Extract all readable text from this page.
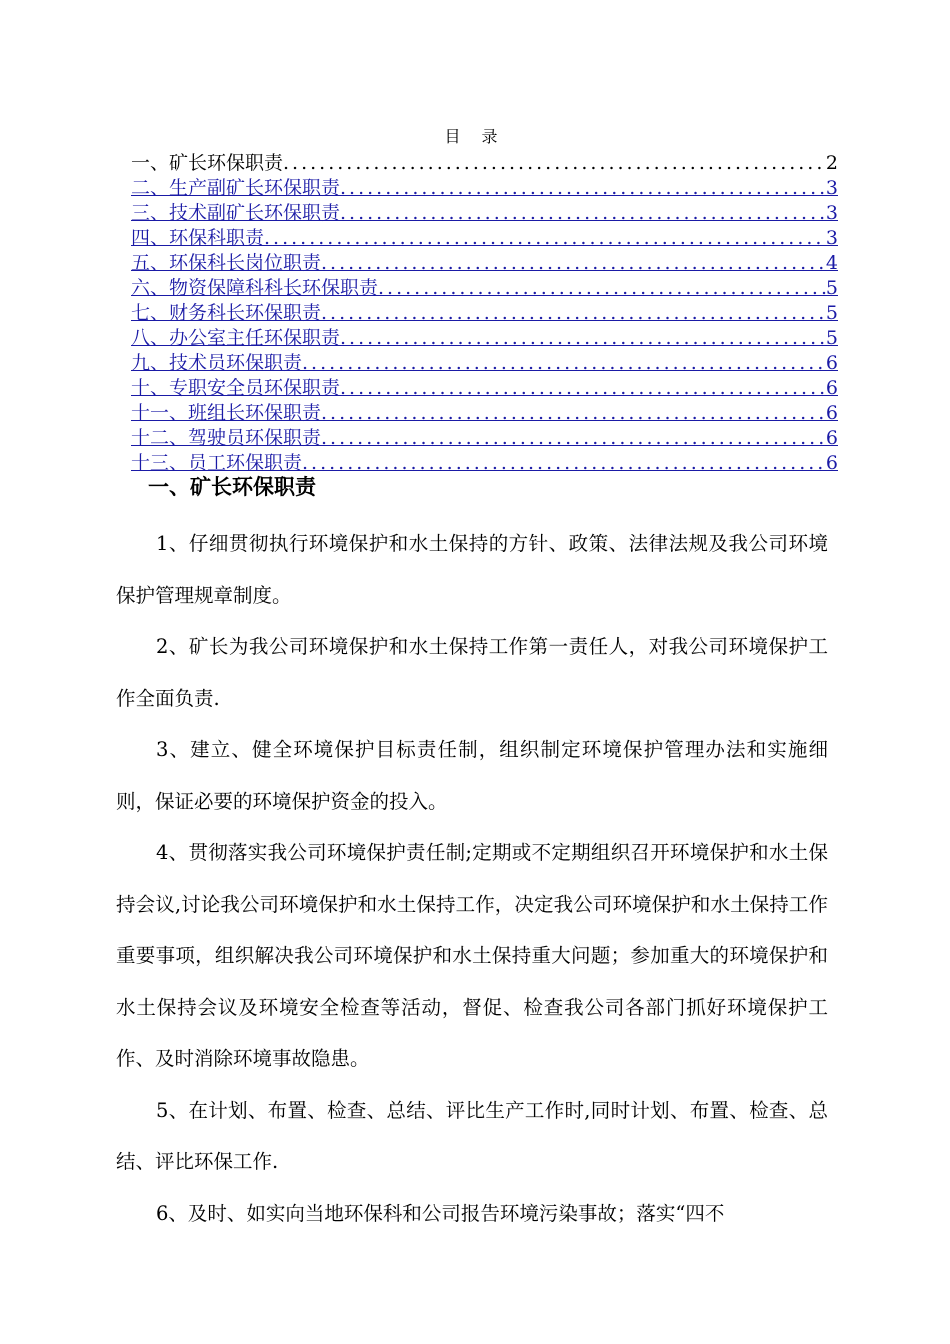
目 录
一、矿长环保职责 .....	2
二、生产副矿长环保职责 .....	3
三、技术副矿长环保职责 .....	3
四、环保科职责 .....	3
五、环保科长岗位职责 .....	4
六、物资保障科科长环保职责 .....	5
七、财务科长环保职责 .....	5
八、办公室主任环保职责 .....	5
九、技术员环保职责 .....	6
十、专职安全员环保职责 .....	6
十一、班组长环保职责 .....	6
十二、驾驶员环保职责 .....	6
十三、员工环保职责 .....	6
一、矿长环保职责

1、仔细贯彻执行环境保护和水土保持的方针、政策、法律法规及我公司环境保护管理规章制度。

2、矿长为我公司环境保护和水土保持工作第一责任人，对我公司环境保护工作全面负责.

3、建立、健全环境保护目标责任制，组织制定环境保护管理办法和实施细则，保证必要的环境保护资金的投入。

4、贯彻落实我公司环境保护责任制;定期或不定期组织召开环境保护和水土保持会议,讨论我公司环境保护和水土保持工作，决定我公司环境保护和水土保持工作重要事项，组织解决我公司环境保护和水土保持重大问题；参加重大的环境保护和水土保持会议及环境安全检查等活动，督促、检查我公司各部门抓好环境保护工作、及时消除环境事故隐患。

5、在计划、布置、检查、总结、评比生产工作时,同时计划、布置、检查、总结、评比环保工作.

6、及时、如实向当地环保科和公司报告环境污染事故；落实“四不
